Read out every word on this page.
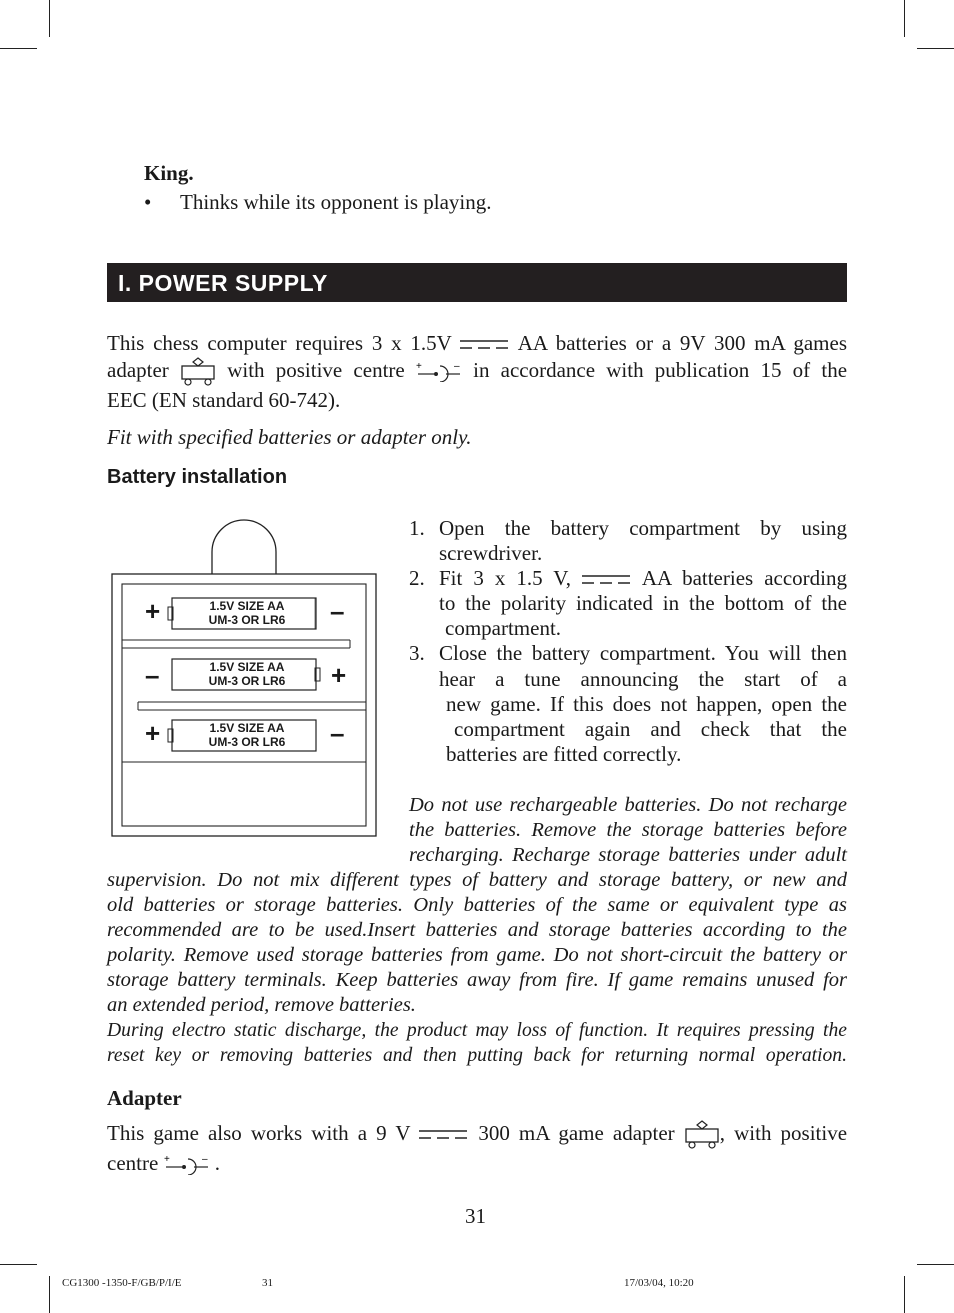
King.
• Thinks while its opponent is playing.
I. POWER SUPPLY
This chess computer requires 3 x 1.5V	AA batteries or a 9V 300 mA games
adapter	with positive centre +	– in accordance with publication 15 of the
EEC (EN standard 60-742).
Fit with specified batteries or adapter only.
Battery installation
1.5V SIZE AA
UM-3 OR LR6
1.5V SIZE AA
UM-3 OR LR6
1.5V SIZE AA
UM-3 OR LR6
+	–
–	+
+	–
1. Open the battery compartment by using
screwdriver.
2. Fit 3 x 1.5 V,	AA batteries according
to the polarity indicated in the bottom of the
compartment.
3. Close the battery compartment. You will then
hear a tune announcing the start of a
new game. If this does not happen, open the
compartment again and check that the
batteries are fitted correctly.
Do not use rechargeable batteries. Do not recharge
the batteries. Remove the storage batteries before
recharging. Recharge storage batteries under adult
supervision. Do not mix different types of battery and storage battery, or new and
old batteries or storage batteries. Only batteries of the same or equivalent type as
recommended are to be used.Insert batteries and storage batteries according to the
polarity. Remove used storage batteries from game. Do not short-circuit the battery or
storage battery terminals. Keep batteries away from fire. If game remains unused for
an extended period, remove batteries.
During electro static discharge, the product may loss of function. It requires pressing the
reset key or removing batteries and then putting back for returning normal operation.
Adapter
This game also works with a 9 V	300 mA game adapter , with positive
centre +	– .
31
CG1300 -1350-F/GB/P/I/E	31	17/03/04, 10:20
